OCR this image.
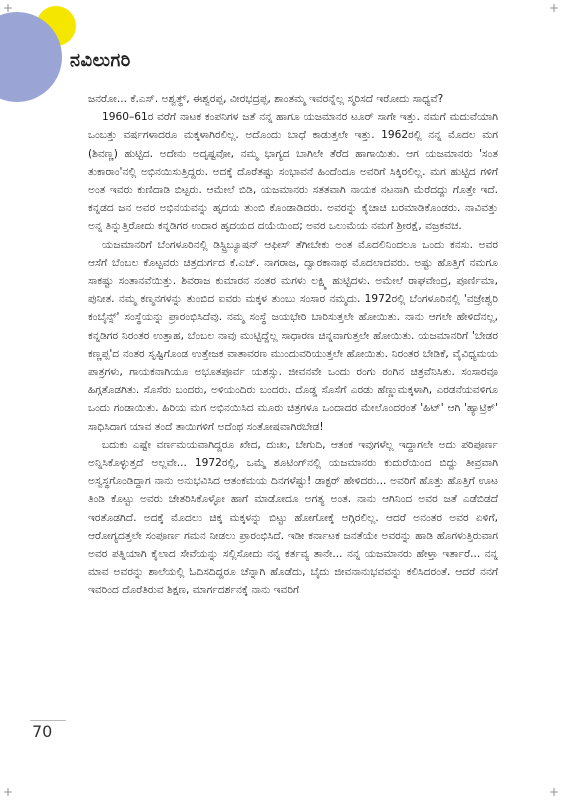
ನವಿಲುಗರಿ

ಜನರೋ... ಕೆ.ಎಸ್. ಅಶ್ವತ್ಥ್, ಈಶ್ವರಪ್ಪ, ವೀರಭದ್ರಪ್ಪ, ಶಾಂತಮ್ಮ ಇವರನ್ನೆಲ್ಲ ಸ್ಮರಿಸದೆ ಇರೋದು ಸಾಧ್ಯವೆ?

1960–61ರ ವರೆಗೆ ನಾಟಕ ಕಂಪನಿಗಳ ಜತೆ ನನ್ನ ಹಾಗೂ ಯಜಮಾನರ ಟೂರ್ ಸಾಗೇ ಇತ್ತು. ನಮಗೆ ಮದುವೆಯಾಗಿ ಒಂಬತ್ತು ವರ್ಷಗಳಾದರೂ ಮಕ್ಕಳಾಗಿರಲಿಲ್ಲ. ಅದೊಂದು ಬಾಧೆ ಕಾಡುತ್ತಲೇ ಇತ್ತು. 1962ರಲ್ಲಿ ನನ್ನ ಮೊದಲ ಮಗ (ಶಿವಣ್ಣ) ಹುಟ್ಟಿದ. ಅದೇನು ಅದೃಷ್ಟವೋ, ನಮ್ಮ ಭಾಗ್ಯದ ಬಾಗಿಲೇ ತೆರೆದ ಹಾಗಾಯಿತು. ಆಗ ಯಜಮಾನರು 'ಸಂತ ತುಕಾರಾಂ'ನಲ್ಲಿ ಅಭಿನಯಿಸುತ್ತಿದ್ದರು. ಅದಕ್ಕೆ ದೊರೆತಷ್ಟು ಸಂಭಾವನೆ ಹಿಂದೆಂದೂ ಅವರಿಗೆ ಸಿಕ್ಕಿರಲಿಲ್ಲ. ಮಗ ಹುಟ್ಟಿದ ಗಳಿಗೆ ಅಂತ ಇವರು ಕುಣಿದಾಡಿ ಬಿಟ್ಟರು. ಆಮೇಲೆ ಬಿಡಿ, ಯಜಮಾನರು ಸತತವಾಗಿ ನಾಯಕ ನಟನಾಗಿ ಮೆರೆದದ್ದು ಗೊತ್ತೇ ಇದೆ. ಕನ್ನಡದ ಜನ ಅವರ ಅಭಿನಯವನ್ನು ಹೃದಯ ತುಂಬಿ ಕೊಂಡಾಡಿದರು. ಅವರನ್ನು ಕೈಚಾಚಿ ಬರಮಾಡಿಕೊಂಡರು. ನಾವಿವತ್ತು ಅನ್ನ ತಿನ್ನುತ್ತಿರೋದು ಕನ್ನಡಿಗರ ಉದಾರ ಹೃದಯದ ದಯೆಯಿಂದ; ಅವರ ಒಲುಮೆಯ ನಮಗೆ ಶ್ರೀರಕ್ಷೆ, ವಜ್ರಕವಚ.

ಯಜಮಾನರಿಗೆ ಬೆಂಗಳೂರಿನಲ್ಲಿ ಡಿಸ್ಟ್ರಿಬ್ಯೂಷನ್ ಆಫೀಸ್ ತೆಗೀಬೇಕು ಅಂತ ಮೊದಲಿನಿಂದಲೂ ಒಂದು ಕನಸು. ಅವರ ಆಸೆಗೆ ಬೆಂಬಲ ಕೊಟ್ಟವರು ಚಿತ್ರದುರ್ಗದ ಕೆ.ಎಚ್. ನಾಗರಾಜ, ದ್ವಾರಕಾನಾಥ ಮೊದಲಾದವರು. ಅಷ್ಟು ಹೊತ್ತಿಗೆ ನಮಗೂ ಸಾಕಷ್ಟು ಸಂತಾನವೆಯಿತ್ತು. ಶಿವರಾಜ ಕುಮಾರನ ನಂತರ ಮಗಳು ಲಕ್ಷ್ಮಿ ಹುಟ್ಟಿದಳು. ಅಮೇಲೆ ರಾಘವೇಂದ್ರ, ಪೂರ್ಣಿಮಾ, ಪುನೀತ. ನಮ್ಮ ಕಣ್ಮನಗಳನ್ನು ತುಂಬಿದ ಐವರು ಮಕ್ಕಳ ತುಂಬು ಸಂಸಾರ ನಮ್ಮದು. 1972ರಲ್ಲಿ ಬೆಂಗಳೂರಿನಲ್ಲಿ 'ವಜ್ರೇಶ್ವರಿ ಕಂಬೈನ್ಸ್' ಸಂಸ್ಥೆಯನ್ನು ಪ್ರಾರಂಭಿಸಿದೆವು. ನಮ್ಮ ಸಂಸ್ಥೆ ಜಯಭೇರಿ ಬಾರಿಸುತ್ತಲೇ ಹೋಯಿತು. ನಾನು ಆಗಲೇ ಹೇಳಿದೆನಲ್ಲ, ಕನ್ನಡಿಗರ ನಿರಂತರ ಉತ್ತಾಹ, ಬೆಂಬಲ ನಾವು ಮುಟ್ಟಿದ್ದೆಲ್ಲ ಸಾಧಾರಣ ಚಿನ್ನವಾಗುತ್ತಲೇ ಹೋಯಿತು. ಯಜಮಾನರಿಗೆ 'ಬೇಡರ ಕಣ್ಣಪ್ಪ'ದ ನಂತರ ಸೃಷ್ಟಿಗೊಂಡ ಉತ್ತೇಜಕ ವಾತಾವರಣ ಮುಂದುವರಿಯುತ್ತಲೇ ಹೋಯಿತು. ನಿರಂತರ ಬೇಡಿಕೆ, ವೈವಿಧ್ಯಮಯ ಪಾತ್ರಗಳು, ಗಾಯಕನಾಗಿಯೂ ಅಭೂತಪೂರ್ವ ಯಶಸ್ಸು. ಜೀವನವೇ ಒಂದು ರಂಗು ರಂಗಿನ ಚಿತ್ರವೆನಿಸಿತು. ಸಂಸಾರವೂ ಹಿಗ್ಗತೊಡಗಿತು. ಸೊಸೆರು ಬಂದರು, ಅಳಿಯಂದಿರು ಬಂದರು. ದೊಡ್ಡ ಸೊಸೆಗೆ ಎರಡು ಹೆಣ್ಣುಮಕ್ಕಳಾಗಿ, ಎರಡನೆಯವಳಿಗೂ ಒಂದು ಗಂಡಾಯಿತು. ಹಿರಿಯ ಮಗ ಅಭಿನಯಿಸಿದ ಮೂರು ಚಿತ್ರಗಳೂ ಒಂದಾದರ ಮೇಲೊಂದರಂತೆ 'ಹಿಟ್' ಆಗಿ 'ಹ್ಯಾಟ್ರಿಕ್' ಸಾಧಿಸಿದಾಗ ಯಾವ ತಂದೆ ತಾಯಿಗಳಿಗೆ ಅದೆಂಥ ಸಂತೋಷವಾಗಿರಬೇಡ!

ಬದುಕು ಎಷ್ಟೇ ವರ್ಣಮಯವಾಗಿದ್ದರೂ ಖೇದ, ದುಃಖ, ಬೇಗುದಿ, ಆತಂಕ ಇವುಗಳೆಲ್ಲ ಇದ್ದಾಗಲೇ ಅದು ಪರಿಪೂರ್ಣ ಅನ್ನಿಸಿಕೊಳ್ಳುತ್ತದೆ ಅಲ್ಲವೇ... 1972ರಲ್ಲಿ, ಒಮ್ಮೆ ಶೂಟಿಂಗ್‌ನಲ್ಲಿ ಯಜಮಾನರು ಕುದುರೆಯಿಂದ ಬಿದ್ದು ತೀವ್ರವಾಗಿ ಅಸ್ವಸ್ಥಗೊಂಡಿದ್ದಾಗ ನಾನು ಅನುಭವಿಸಿದ ಆತಂಕಮಯ ದಿನಗಳೆಷ್ಟು! ಡಾಕ್ಟರ್ ಹೇಳಿದರು... ಅವರಿಗೆ ಹೊತ್ತು ಹೊತ್ತಿಗೆ ಊಟ ತಿಂಡಿ ಕೊಟ್ಟು ಅವರು ಚೇತರಿಸಿಕೊಳ್ಳೋ ಹಾಗೆ ಮಾಡೋದೂ ಅಗತ್ಯ ಅಂತ. ನಾನು ಆಗಿನಿಂದ ಅವರ ಜತೆ ಎಡೆಬಿಡದೆ ಇರತೊಡಗಿದೆ. ಅದಕ್ಕೆ ಮೊದಲು ಚಿಕ್ಕ ಮಕ್ಕಳನ್ನು ಬಿಟ್ಟು ಹೋಗೋಕ್ಕೆ ಅಗ್ಗಿರಲಿಲ್ಲ. ಆದರೆ ಅನಂತರ ಅವರ ಏಳಿಗೆ, ಆರೋಗ್ಯದತ್ತಲೇ ಸಂಪೂರ್ಣ ಗಮನ ನೀಡಲು ಪ್ರಾರಂಭಿಸಿದೆ. ಇಡೀ ಕರ್ನಾಟಕ ಜನತೆಯೇ ಅವರನ್ನು ಹಾಡಿ ಹೊಗಳುತ್ತಿರುವಾಗ ಅವರ ಪತ್ನಿಯಾಗಿ ಕೈಲಾದ ಸೇವೆಯನ್ನು ಸಲ್ಲಿಸೋದು ನನ್ನ ಕರ್ತವ್ಯ ತಾನೇ... ನನ್ನ ಯಜಮಾನರು ಹೇಳ್ತಾ ಇರ್ತಾರೆ... ನನ್ನ ಮಾವ ಅವರನ್ನು ಶಾಲೆಯಲ್ಲಿ ಓದಿಸದಿದ್ದರೂ ಚೆನ್ನಾಗಿ ಹೊಡೆದು, ಬೈದು ಜೀವನಾನುಭವವನ್ನು ಕಲಿಸಿದರಂತೆ. ಆದರೆ ನನಗೆ ಇವರಿಂದ ದೊರೆತಿರುವ ಶಿಕ್ಷಣ, ಮಾರ್ಗದರ್ಶನಕ್ಕೆ ನಾನು ಇವರಿಗೆ

70
